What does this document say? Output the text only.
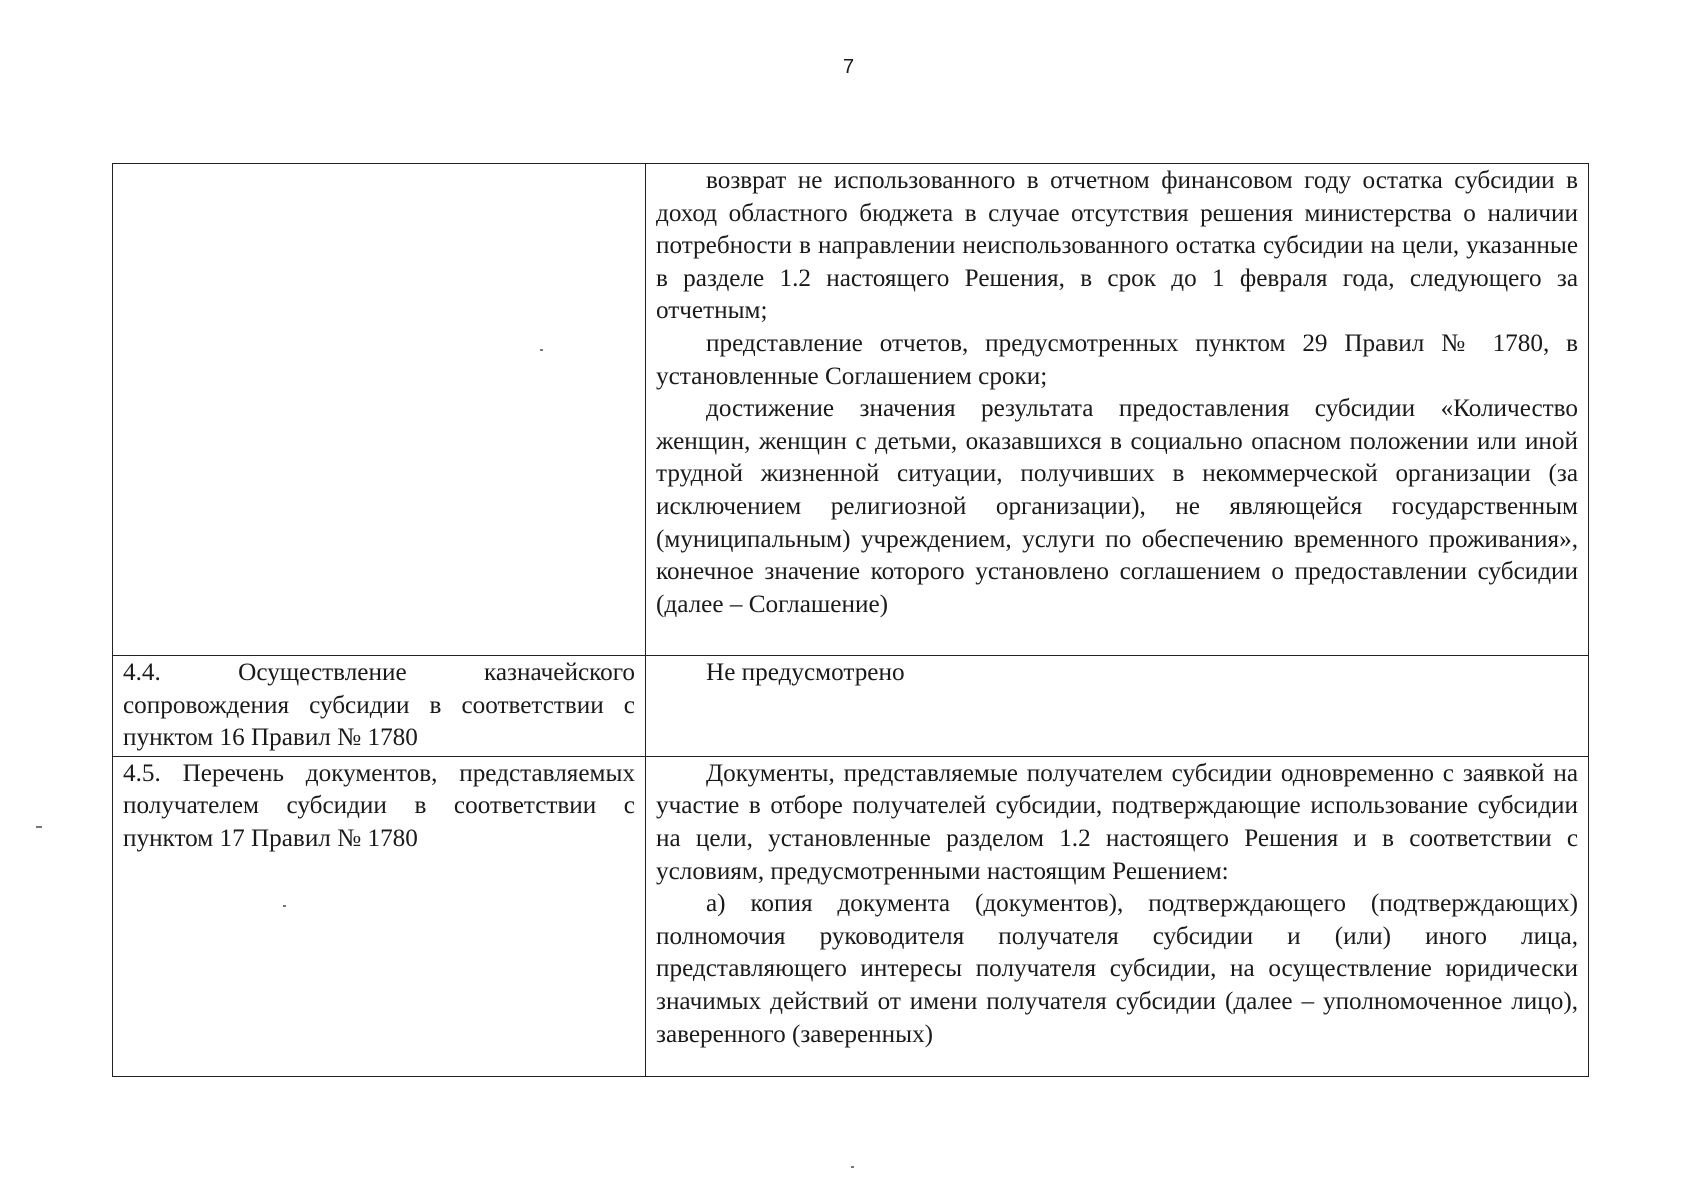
7

	возврат не использованного в отчетном финансовом году остатка субсидии в доход областного бюджета в случае отсутствия решения министерства о наличии потребности в направлении неиспользованного остатка субсидии на цели, указанные в разделе 1.2 настоящего Решения, в срок до 1 февраля года, следующего за отчетным;

представление отчетов, предусмотренных пунктом 29 Правил № 1780, в установленные Соглашением сроки;

достижение значения результата предоставления субсидии «Количество женщин, женщин с детьми, оказавшихся в социально опасном положении или иной трудной жизненной ситуации, получивших в некоммерческой организации (за исключением религиозной организации), не являющейся государственным (муниципальным) учреждением, услуги по обеспечению временного проживания», конечное значение которого установлено соглашением о предоставлении субсидии (далее – Соглашение)

4.4. Осуществление казначейского сопровождения субсидии в соответствии с пунктом 16 Правил № 1780	Не предусмотрено

4.5. Перечень документов, представляемых получателем субсидии в соответствии с пунктом 17 Правил № 1780	Документы, представляемые получателем субсидии одновременно с заявкой на участие в отборе получателей субсидии, подтверждающие использование субсидии на цели, установленные разделом 1.2 настоящего Решения и в соответствии с условиям, предусмотренными настоящим Решением:

а) копия документа (документов), подтверждающего (подтверждающих) полномочия руководителя получателя субсидии и (или) иного лица, представляющего интересы получателя субсидии, на осуществление юридически значимых действий от имени получателя субсидии (далее – уполномоченное лицо), заверенного (заверенных)
